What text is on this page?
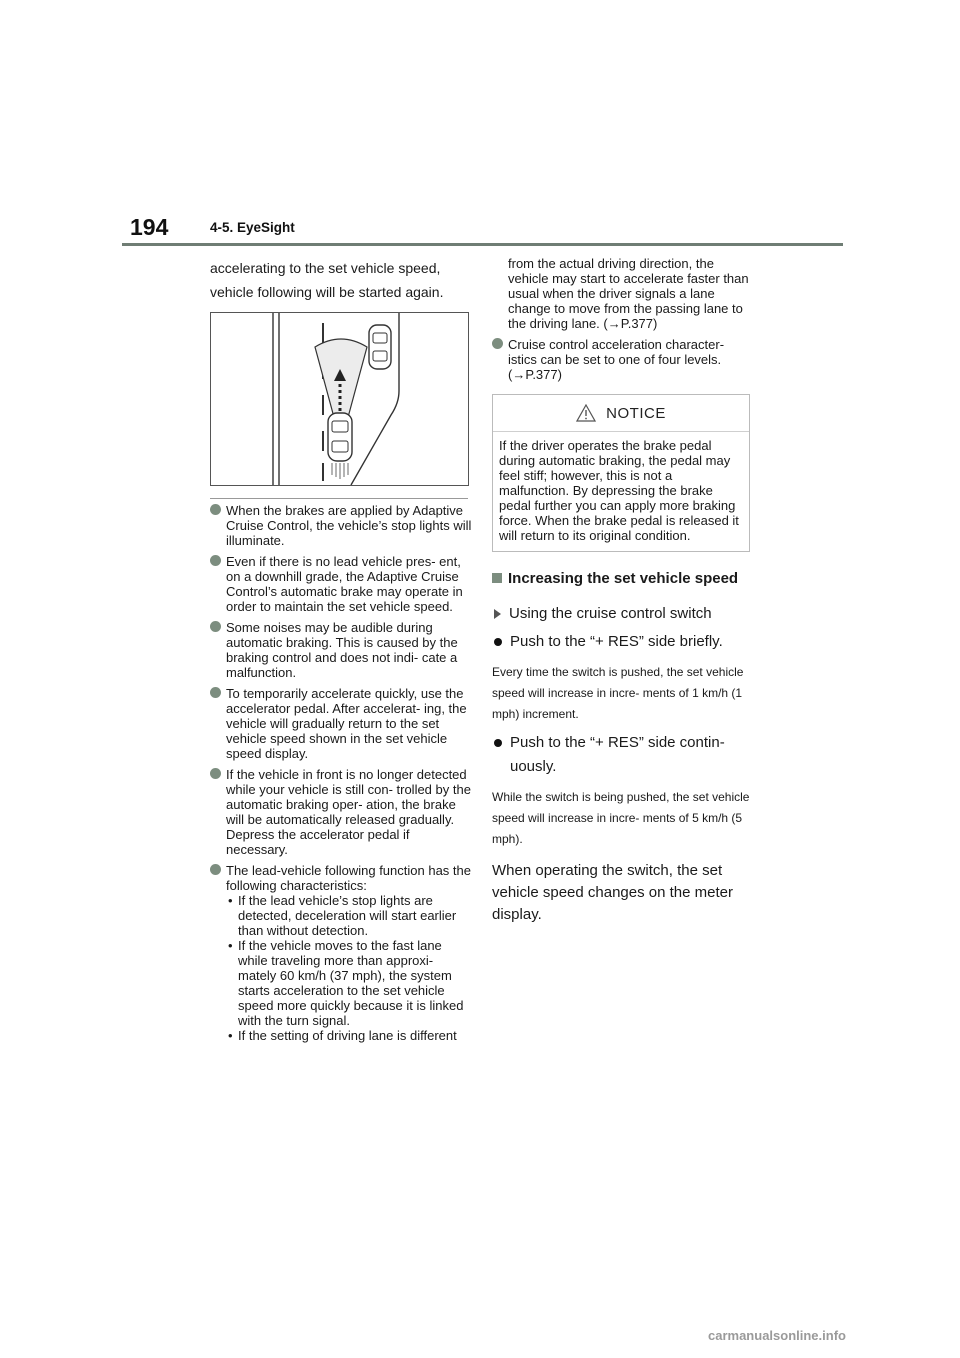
194	4-5. EyeSight

accelerating to the set vehicle speed, vehicle following will be started again.

When the brakes are applied by Adaptive Cruise Control, the vehicle’s stop lights will illuminate.
Even if there is no lead vehicle pres- ent, on a downhill grade, the Adaptive Cruise Control’s automatic brake may operate in order to maintain the set vehicle speed.
Some noises may be audible during automatic braking. This is caused by the braking control and does not indi- cate a malfunction.
To temporarily accelerate quickly, use the accelerator pedal. After accelerat- ing, the vehicle will gradually return to the set vehicle speed shown in the set vehicle speed display.
If the vehicle in front is no longer detected while your vehicle is still con- trolled by the automatic braking oper- ation, the brake will be automatically released gradually. Depress the accelerator pedal if necessary.
The lead-vehicle following function has the following characteristics:
• If the lead vehicle’s stop lights are detected, deceleration will start earlier than without detection.
• If the vehicle moves to the fast lane while traveling more than approxi- mately 60 km/h (37 mph), the system starts acceleration to the set vehicle speed more quickly because it is linked with the turn signal.
• If the setting of driving lane is different

from the actual driving direction, the vehicle may start to accelerate faster than usual when the driver signals a lane change to move from the passing lane to the driving lane. (→P.377)

Cruise control acceleration character- istics can be set to one of four levels. (→P.377)
NOTICE

If the driver operates the brake pedal during automatic braking, the pedal may feel stiff; however, this is not a malfunction. By depressing the brake pedal further you can apply more braking force. When the brake pedal is released it will return to its original condition.

Increasing the set vehicle speed
Using the cruise control switch
Push to the “+ RES” side briefly.

Every time the switch is pushed, the set vehicle speed will increase in incre- ments of 1 km/h (1 mph) increment.

Push to the “+ RES” side contin- uously.

While the switch is being pushed, the set vehicle speed will increase in incre- ments of 5 km/h (5 mph).

When operating the switch, the set vehicle speed changes on the meter display.

carmanualsonline.info
